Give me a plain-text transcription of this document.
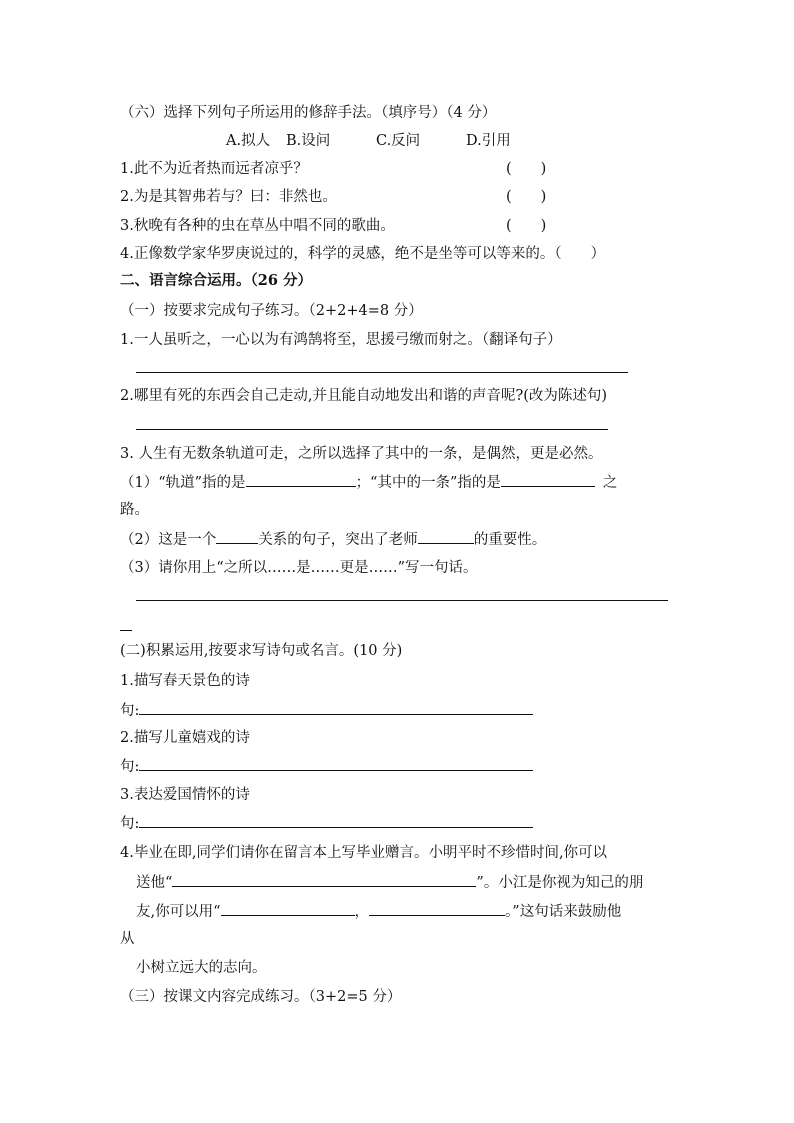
（六）选择下列句子所运用的修辞手法。（填序号）（4 分）
A.拟人 B.设问	C.反问	D.引用
1.此不为近者热而远者凉乎？	(　　)
2.为是其智弗若与？曰：非然也。	(　　)
3.秋晚有各种的虫在草丛中唱不同的歌曲。	(　　)
4.正像数学家华罗庚说过的，科学的灵感，绝不是坐等可以等来的。（　　）
二、语言综合运用。（26 分）
（一）按要求完成句子练习。（2+2+4=8 分）
1.一人虽听之，一心以为有鸿鹄将至，思援弓缴而射之。（翻译句子）
2.哪里有死的东西会自己走动,并且能自动地发出和谐的声音呢?(改为陈述句)
3. 人生有无数条轨道可走，之所以选择了其中的一条，是偶然，更是必然。
（1）“轨道”指的是	；“其中的一条”指的是	之
路。
（2）这是一个	关系的句子，突出了老师	的重要性。
（3）请你用上“之所以……是……更是……”写一句话。
(二)积累运用,按要求写诗句或名言。(10 分)
1.描写春天景色的诗
句:
2.描写儿童嬉戏的诗
句:
3.表达爱国情怀的诗
句:
4.毕业在即,同学们请你在留言本上写毕业赠言。小明平时不珍惜时间,你可以
送他“	”。小江是你视为知己的朋
友,你可以用“	，	。”这句话来鼓励他
从
小树立远大的志向。
（三）按课文内容完成练习。（3+2=5 分）
